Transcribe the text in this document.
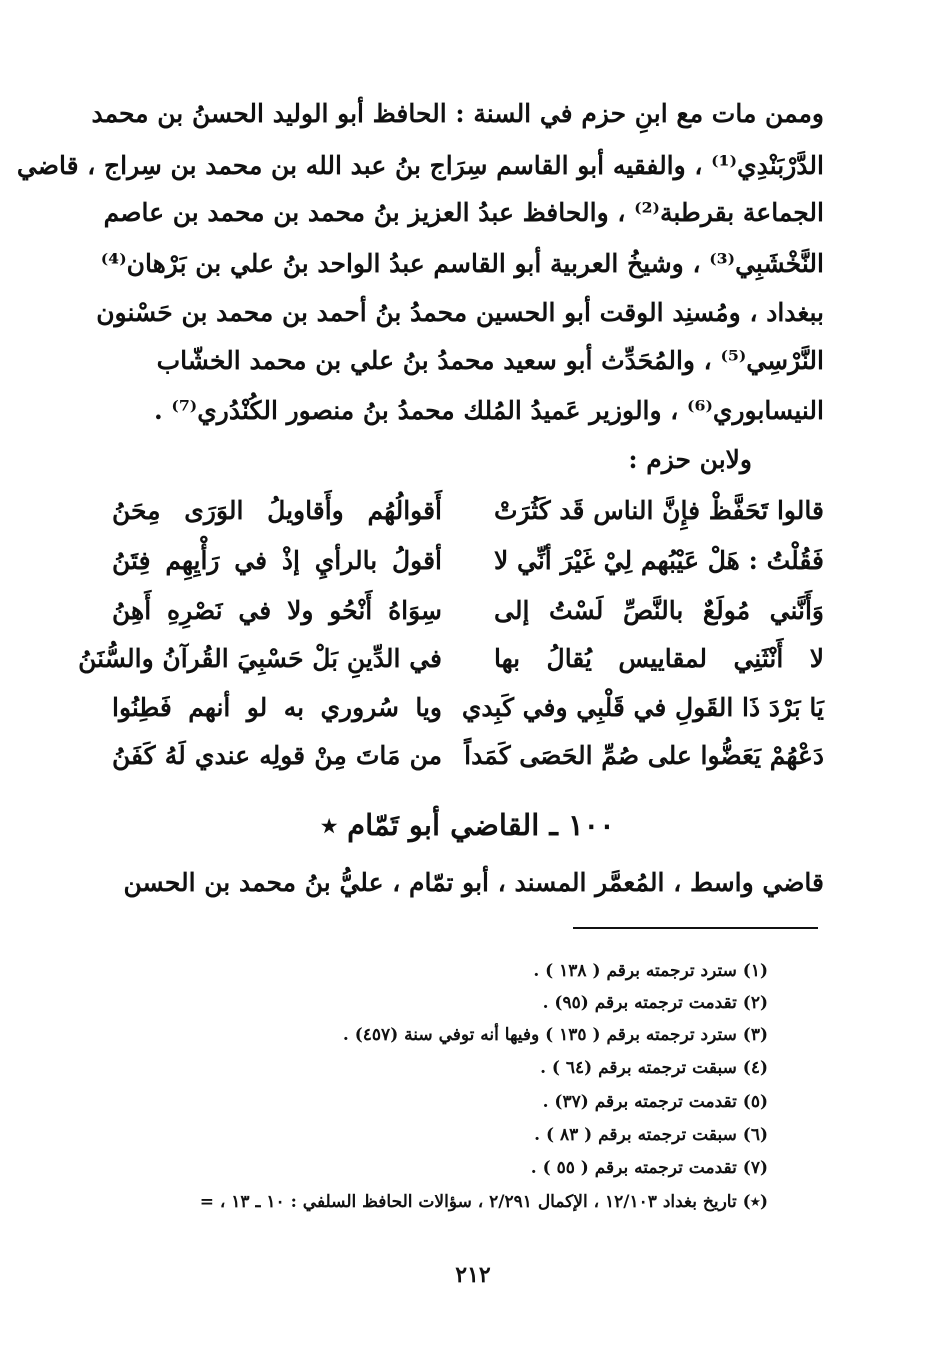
وممن مات مع ابنِ حزم في السنة : الحافظ أبو الوليد الحسنُ بن محمد
الدَّرْبَنْدِي⁽¹⁾ ، والفقيه أبو القاسم سِرَاج بنُ عبد الله بن محمد بن سِراج ، قاضي
الجماعة بقرطبة⁽²⁾ ، والحافظ عبدُ العزيز بنُ محمد بن محمد بن عاصم
النَّخْشَبِي⁽³⁾ ، وشيخُ العربية أبو القاسم عبدُ الواحد بنُ علي بن بَرْهان⁽⁴⁾
ببغداد ، ومُسنِد الوقت أبو الحسين محمدُ بنُ أحمد بن محمد بن حَسْنون
النَّرْسِي⁽⁵⁾ ، والمُحَدِّث أبو سعيد محمدُ بنُ علي بن محمد الخشّاب
النيسابوري⁽⁶⁾ ، والوزير عَميدُ المُلك محمدُ بنُ منصور الكُنْدُري⁽⁷⁾ .
ولابن حزم :
قالوا تَحَفَّظْ فإِنَّ الناس قَد كَثُرَتْ
أَقوالُهُم وأَقاويلُ الوَرَى مِحَنُ
فَقُلْتُ : هَلْ عَيْبُهم لِيْ غَيْرَ أنِّي لا
أقولُ بالرأيِ إذْ في رَأْيِهِم فِتَنُ
وَأَنَّني مُولَعٌ بالنَّصِّ لَسْتُ إلى
سِوَاهُ أَنْحُو ولا في نَصْرِهِ أَهِنُ
لا أَنْثَنِي لمقاييس يُقالُ بها
في الدِّينِ بَلْ حَسْبِيَ القُرآنُ والسُّنَنُ
يَا بَرْدَ ذَا القَولِ في قَلْبِي وفي كَبِدي
ويا سُروري به لو أنهم فَطِنُوا
دَعْهُمْ يَعَضُّوا على صُمِّ الحَصَى كَمَداً
من مَاتَ مِنْ قولِه عندي لَهُ كَفَنُ
١٠٠ ـ القاضي أبو تَمّام ٭
قاضي واسط ، المُعمَّر المسند ، أبو تمّام ، عليُّ بنُ محمد بن الحسن
(١) سترد ترجمته برقم ( ١٣٨ ) .
(٢) تقدمت ترجمته برقم (٩٥) .
(٣) سترد ترجمته برقم ( ١٣٥ ) وفيها أنه توفي سنة (٤٥٧) .
(٤) سبقت ترجمته برقم (٦٤ ) .
(٥) تقدمت ترجمته برقم (٣٧) .
(٦) سبقت ترجمته برقم ( ٨٣ ) .
(٧) تقدمت ترجمته برقم ( ٥٥ ) .
(٭) تاريخ بغداد ١٢/١٠٣ ، الإكمال ٢/٢٩١ ، سؤالات الحافظ السلفي : ١٠ ـ ١٣ ، =
٢١٢
